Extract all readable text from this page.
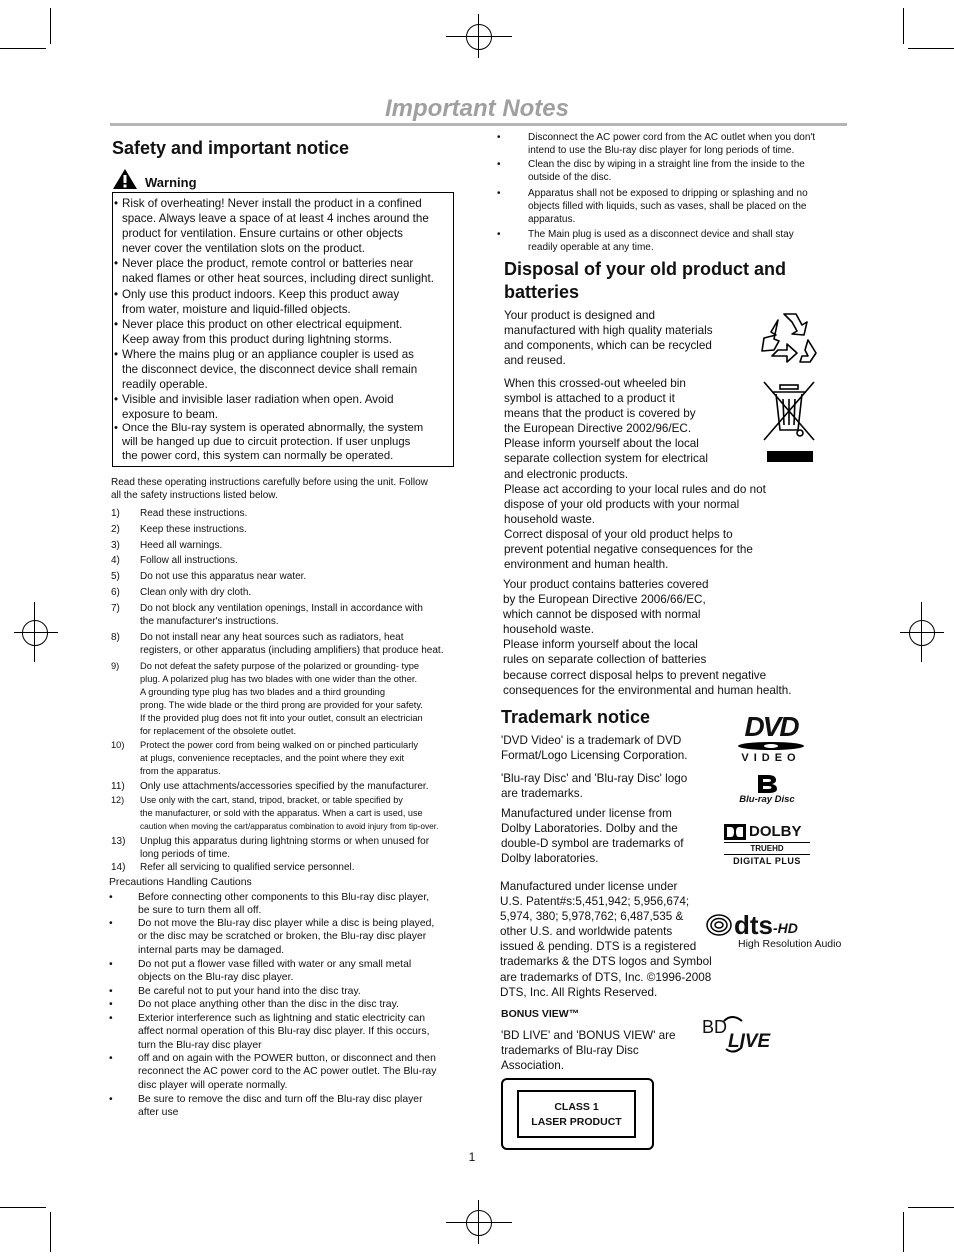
Important Notes
Safety and important notice
Warning
• Risk of overheating! Never install the product in a confined
space. Always leave a space of at least 4 inches around the
product for ventilation. Ensure curtains or other objects
never cover the ventilation slots on the product.
• Never place the product, remote control or batteries near
naked flames or other heat sources, including direct sunlight.
• Only use this product indoors. Keep this product away
from water, moisture and liquid-filled objects.
• Never place this product on other electrical equipment.
Keep away from this product during lightning storms.
• Where the mains plug or an appliance coupler is used as
the disconnect device, the disconnect device shall remain
readily operable.
• Visible and invisible laser radiation when open. Avoid
exposure to beam.
• Once the Blu-ray system is operated abnormally, the system
will be hanged up due to circuit protection. If user unplugs
the power cord, this system can normally be operated.
Read these operating instructions carefully before using the unit. Follow
all the safety instructions listed below.
1)	Read these instructions.
2)	Keep these instructions.
3)	Heed all warnings.
4)	Follow all instructions.
5)	Do not use this apparatus near water.
6)	Clean only with dry cloth.
7)	Do not block any ventilation openings, Install in accordance with
the manufacturer's instructions.
8)	Do not install near any heat sources such as radiators, heat
registers, or other apparatus (including amplifiers) that produce heat.
9)	Do not defeat the safety purpose of the polarized or grounding- type
plug. A polarized plug has two blades with one wider than the other.
A grounding type plug has two blades and a third grounding
prong. The wide blade or the third prong are provided for your safety.
If the provided plug does not fit into your outlet, consult an electrician
for replacement of the obsolete outlet.
10)	Protect the power cord from being walked on or pinched particularly
at plugs, convenience receptacles, and the point where they exit
from the apparatus.
11)	Only use attachments/accessories specified by the manufacturer.
12)	Use only with the cart, stand, tripod, bracket, or table specified by
the manufacturer, or sold with the apparatus. When a cart is used, use
caution when moving the cart/apparatus combination to avoid injury from tip-over.
13)	Unplug this apparatus during lightning storms or when unused for
long periods of time.
14)	Refer all servicing to qualified service personnel.
Precautions Handling Cautions
• Before connecting other components to this Blu-ray disc player,
be sure to turn them all off.
• Do not move the Blu-ray disc player while a disc is being played,
or the disc may be scratched or broken, the Blu-ray disc player
internal parts may be damaged.
• Do not put a flower vase filled with water or any small metal
objects on the Blu-ray disc player.
• Be careful not to put your hand into the disc tray.
• Do not place anything other than the disc in the disc tray.
• Exterior interference such as lightning and static electricity can
affect normal operation of this Blu-ray disc player. If this occurs,
turn the Blu-ray disc player
• off and on again with the POWER button, or disconnect and then
reconnect the AC power cord to the AC power outlet. The Blu-ray
disc player will operate normally.
• Be sure to remove the disc and turn off the Blu-ray disc player
after use
•	Disconnect the AC power cord from the AC outlet when you don't
intend to use the Blu-ray disc player for long periods of time.
•	Clean the disc by wiping in a straight line from the inside to the
outside of the disc.
•	Apparatus shall not be exposed to dripping or splashing and no
objects filled with liquids, such as vases, shall be placed on the
apparatus.
•	The Main plug is used as a disconnect device and shall stay
readily operable at any time.
Disposal of your old product and
batteries
Your product is designed and
manufactured with high quality materials
and components, which can be recycled
and reused.
When this crossed-out wheeled bin
symbol is attached to a product it
means that the product is covered by
the European Directive 2002/96/EC.
Please inform yourself about the local
separate collection system for electrical
and electronic products.
Please act according to your local rules and do not
dispose of your old products with your normal
household waste.
Correct disposal of your old product helps to
prevent potential negative consequences for the
environment and human health.
Your product contains batteries covered
by the European Directive 2006/66/EC,
which cannot be disposed with normal
household waste.
Please inform yourself about the local
rules on separate collection of batteries
because correct disposal helps to prevent negative
consequences for the environmental and human health.
Trademark notice
'DVD Video' is a trademark of DVD
Format/Logo Licensing Corporation.
'Blu-ray Disc' and 'Blu-ray Disc' logo
are trademarks.
Manufactured under license from
Dolby Laboratories. Dolby and the
double-D symbol are trademarks of
Dolby laboratories.
Manufactured under license under
U.S. Patent#s:5,451,942; 5,956,674;
5,974, 380; 5,978,762; 6,487,535 &
other U.S. and worldwide patents
issued & pending. DTS is a registered
trademarks & the DTS logos and Symbol
are trademarks of DTS, Inc. ©1996-2008
DTS, Inc. All Rights Reserved.
BONUS VIEW™
'BD LIVE' and 'BONUS VIEW' are
trademarks of Blu-ray Disc
Association.
DVD
VIDEO
Blu-ray Disc
DOLBY
TRUEHD
DIGITAL PLUS
dts -HD
High Resolution Audio
BD
LIVE
CLASS 1
LASER PRODUCT
1
